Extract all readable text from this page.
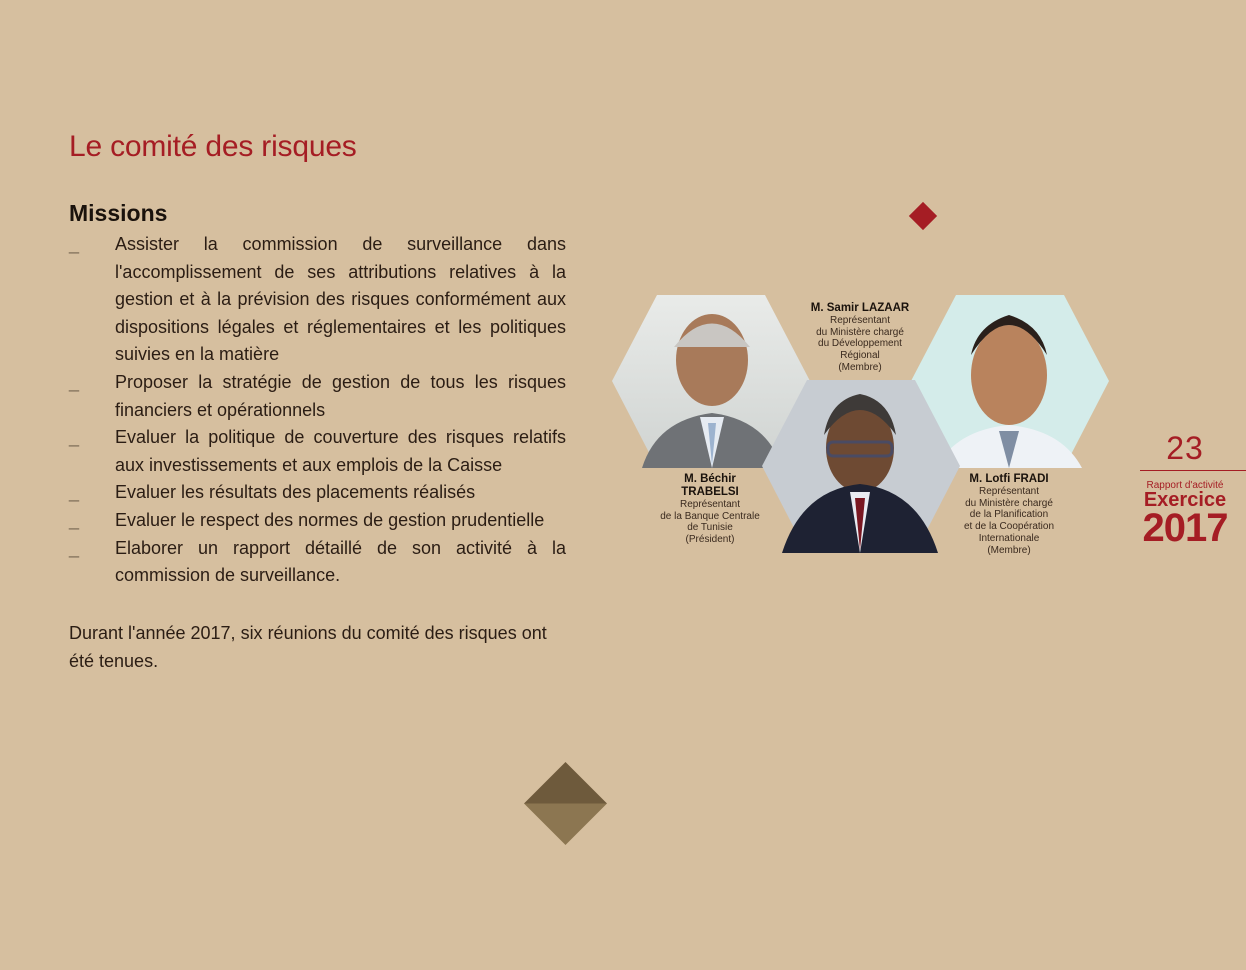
Le comité des risques
Missions
_	Assister la commission de surveillance dans l'accomplissement de ses attributions relatives à la gestion et à la prévision des risques conformément aux dispositions légales et réglementaires et les politiques suivies en la matière
_	Proposer la stratégie de gestion de tous les risques financiers et opérationnels
_	Evaluer la politique de couverture des risques relatifs aux investissements et aux emplois de la Caisse
_	Evaluer les résultats des placements réalisés
_	Evaluer le respect des normes de gestion prudentielle
_	Elaborer un rapport détaillé de son activité à la commission de surveillance.

Durant l'année 2017, six réunions du comité des risques ont été tenues.

M. Béchir
TRABELSI
Représentant
de la Banque Centrale
de Tunisie
(Président)
M. Samir LAZAAR
Représentant
du Ministère chargé
du Développement
Régional
(Membre)
M. Lotfi FRADI
Représentant
du Ministère chargé
de la Planification
et de la Coopération
Internationale
(Membre)
23
Rapport d'activité
Exercice
2017
